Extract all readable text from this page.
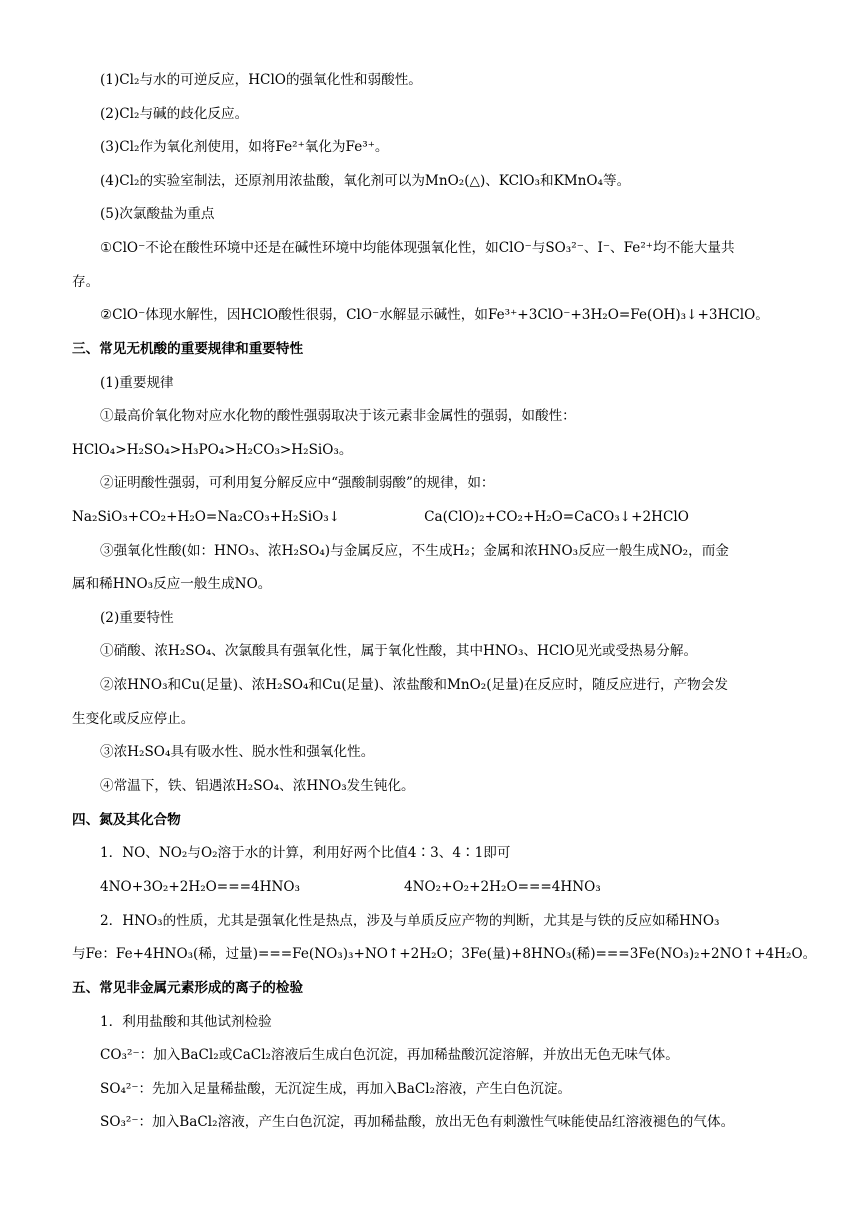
(1)Cl₂与水的可逆反应，HClO的强氧化性和弱酸性。
(2)Cl₂与碱的歧化反应。
(3)Cl₂作为氧化剂使用，如将Fe²⁺氧化为Fe³⁺。
(4)Cl₂的实验室制法，还原剂用浓盐酸，氧化剂可以为MnO₂(△)、KClO₃和KMnO₄等。
(5)次氯酸盐为重点
①ClO⁻不论在酸性环境中还是在碱性环境中均能体现强氧化性，如ClO⁻与SO₃²⁻、I⁻、Fe²⁺均不能大量共
存。
②ClO⁻体现水解性，因HClO酸性很弱，ClO⁻水解显示碱性，如Fe³⁺+3ClO⁻+3H₂O=Fe(OH)₃↓+3HClO。
三、常见无机酸的重要规律和重要特性
(1)重要规律
①最高价氧化物对应水化物的酸性强弱取决于该元素非金属性的强弱，如酸性：
HClO₄>H₂SO₄>H₃PO₄>H₂CO₃>H₂SiO₃。
②证明酸性强弱，可利用复分解反应中“强酸制弱酸”的规律，如：
Na₂SiO₃+CO₂+H₂O=Na₂CO₃+H₂SiO₃↓	Ca(ClO)₂+CO₂+H₂O=CaCO₃↓+2HClO
③强氧化性酸(如：HNO₃、浓H₂SO₄)与金属反应，不生成H₂；金属和浓HNO₃反应一般生成NO₂，而金
属和稀HNO₃反应一般生成NO。
(2)重要特性
①硝酸、浓H₂SO₄、次氯酸具有强氧化性，属于氧化性酸，其中HNO₃、HClO见光或受热易分解。
②浓HNO₃和Cu(足量)、浓H₂SO₄和Cu(足量)、浓盐酸和MnO₂(足量)在反应时，随反应进行，产物会发
生变化或反应停止。
③浓H₂SO₄具有吸水性、脱水性和强氧化性。
④常温下，铁、铝遇浓H₂SO₄、浓HNO₃发生钝化。
四、氮及其化合物
1．NO、NO₂与O₂溶于水的计算，利用好两个比值4∶3、4∶1即可
4NO+3O₂+2H₂O===4HNO₃	4NO₂+O₂+2H₂O===4HNO₃
2．HNO₃的性质，尤其是强氧化性是热点，涉及与单质反应产物的判断，尤其是与铁的反应如稀HNO₃
与Fe：Fe+4HNO₃(稀，过量)===Fe(NO₃)₃+NO↑+2H₂O；3Fe(量)+8HNO₃(稀)===3Fe(NO₃)₂+2NO↑+4H₂O。
五、常见非金属元素形成的离子的检验
1．利用盐酸和其他试剂检验
CO₃²⁻：加入BaCl₂或CaCl₂溶液后生成白色沉淀，再加稀盐酸沉淀溶解，并放出无色无味气体。
SO₄²⁻：先加入足量稀盐酸，无沉淀生成，再加入BaCl₂溶液，产生白色沉淀。
SO₃²⁻：加入BaCl₂溶液，产生白色沉淀，再加稀盐酸，放出无色有刺激性气味能使品红溶液褪色的气体。
